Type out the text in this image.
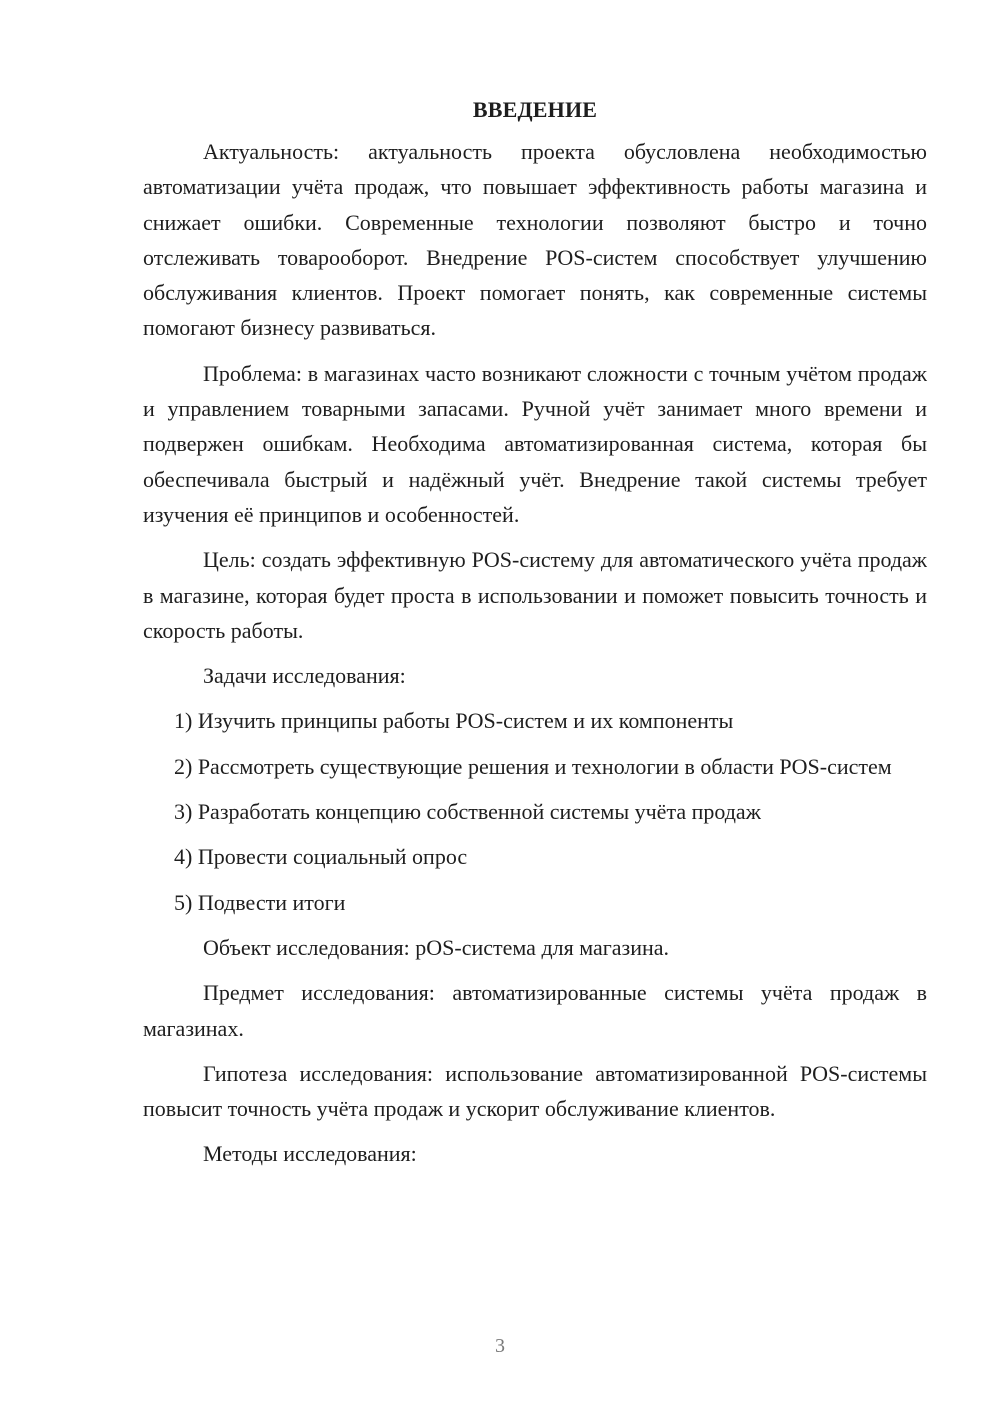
ВВЕДЕНИЕ

Актуальность: актуальность проекта обусловлена необходимостью автоматизации учёта продаж, что повышает эффективность работы магазина и снижает ошибки. Современные технологии позволяют быстро и точно отслеживать товарооборот. Внедрение POS-систем способствует улучшению обслуживания клиентов. Проект помогает понять, как современные системы помогают бизнесу развиваться.

Проблема: в магазинах часто возникают сложности с точным учётом продаж и управлением товарными запасами. Ручной учёт занимает много времени и подвержен ошибкам. Необходима автоматизированная система, которая бы обеспечивала быстрый и надёжный учёт. Внедрение такой системы требует изучения её принципов и особенностей.

Цель: создать эффективную POS-систему для автоматического учёта продаж в магазине, которая будет проста в использовании и поможет повысить точность и скорость работы.

Задачи исследования:

1) Изучить принципы работы POS-систем и их компоненты

2) Рассмотреть существующие решения и технологии в области POS-систем

3) Разработать концепцию собственной системы учёта продаж

4) Провести социальный опрос

5) Подвести итоги

Объект исследования: рOS-система для магазина.

Предмет исследования: автоматизированные системы учёта продаж в магазинах.

Гипотеза исследования: использование автоматизированной POS-системы повысит точность учёта продаж и ускорит обслуживание клиентов.

Методы исследования:

3
